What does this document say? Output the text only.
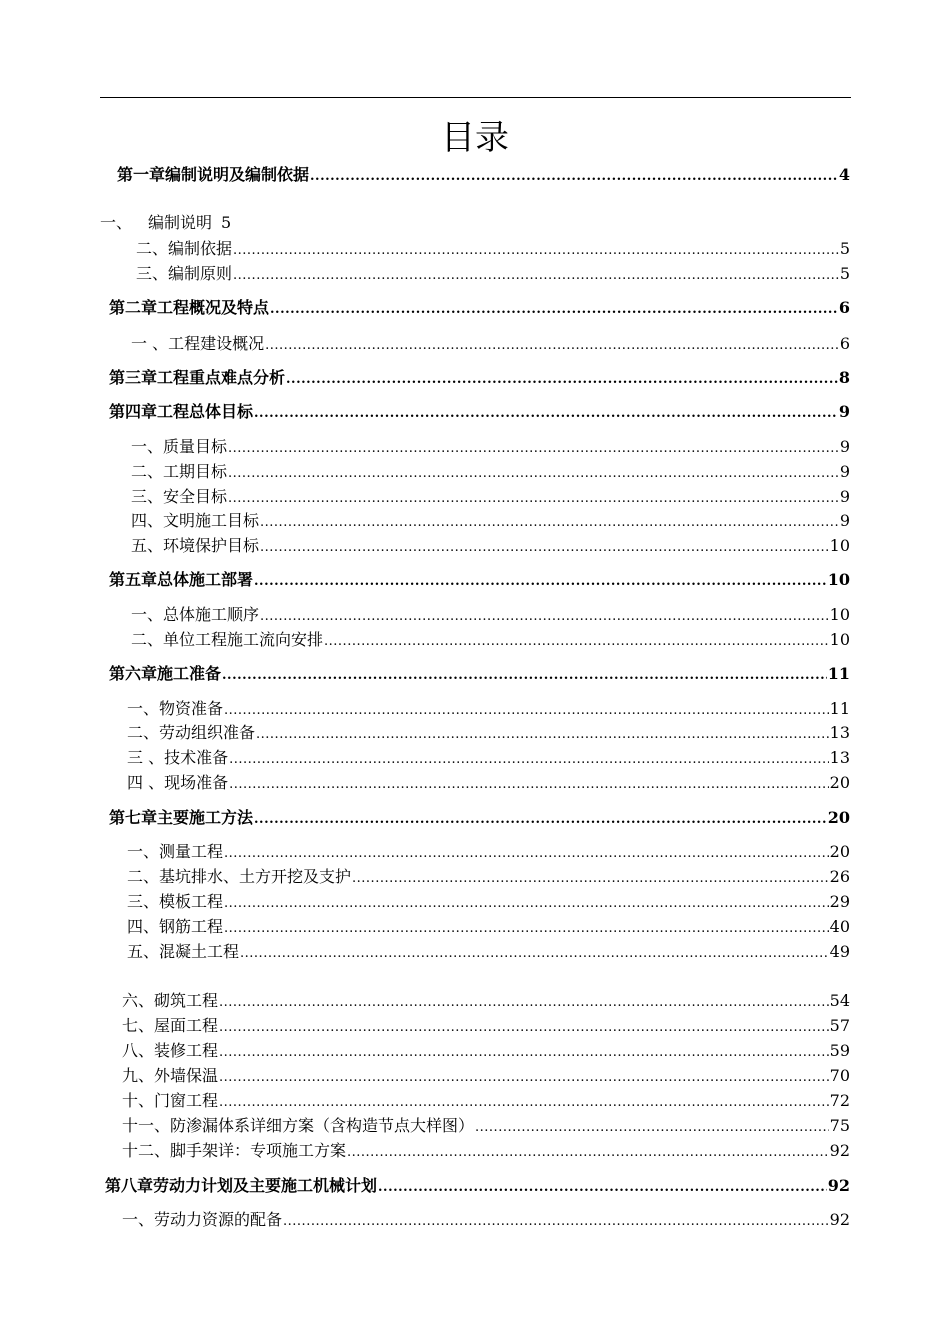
目录
第一章 编制说明及编制依据 .....	4
一、 编制说明 5
二、 编制依据 .....	5
三、 编制原则 .....	5
第二章 工程概况及特点 .....	6
一 、 工程建设概况 .....	6
第三章 工程重点难点分析 .....	8
第四章 工程总体目标 .....	9
一、 质量目标 .....	9
二、 工期目标 .....	9
三、 安全目标 .....	9
四、 文明施工目标 .....	9
五、 环境保护目标 .....	10
第五章 总体施工部署 .....	10
一、 总体施工顺序 .....	10
二、 单位工程施工流向安排 .....	10
第六章 施工准备 .....	11
一、 物资准备 .....	11
二、 劳动组织准备 .....	13
三 、 技术准备 .....	13
四 、 现场准备 .....	20
第七章 主要施工方法 .....	20
一、 测量工程 .....	20
二、 基坑排水、土方开挖及支护 .....	26
三、 模板工程 .....	29
四、 钢筋工程 .....	40
五、 混凝土工程 .....	49
六、 砌筑工程 .....	54
七、 屋面工程 .....	57
八、 装修工程 .....	59
九、 外墙保温 .....	70
十、 门窗工程 .....	72
十一、 防渗漏体系详细方案（含构造节点大样图） .....	75
十二、 脚手架详：专项施工方案 .....	92
第八章 劳动力计划及主要施工机械计划 .....	92
一、 劳动力资源的配备 .....	92
